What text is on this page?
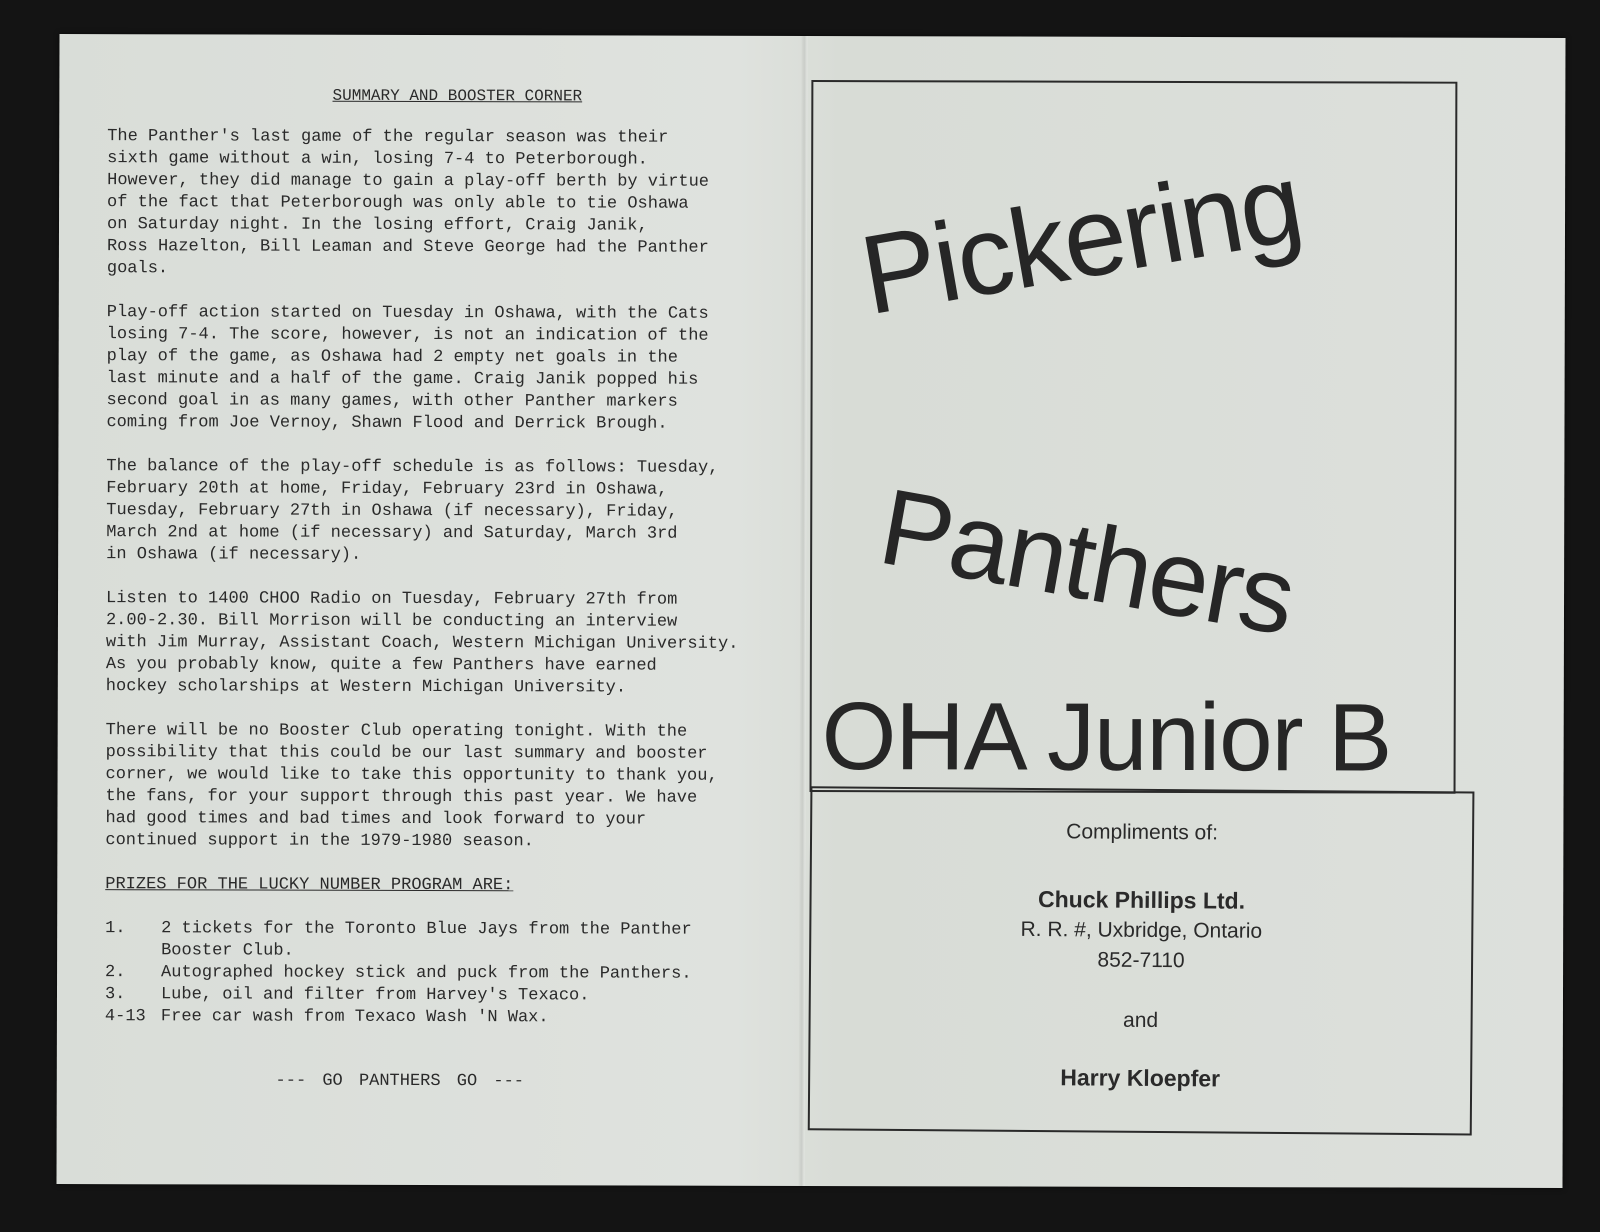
SUMMARY AND BOOSTER CORNER
The Panther's last game of the regular season was their
sixth game without a win, losing 7-4 to Peterborough.
However, they did manage to gain a play-off berth by virtue
of the fact that Peterborough was only able to tie Oshawa
on Saturday night. In the losing effort, Craig Janik,
Ross Hazelton, Bill Leaman and Steve George had the Panther
goals.
Play-off action started on Tuesday in Oshawa, with the Cats
losing 7-4. The score, however, is not an indication of the
play of the game, as Oshawa had 2 empty net goals in the
last minute and a half of the game. Craig Janik popped his
second goal in as many games, with other Panther markers
coming from Joe Vernoy, Shawn Flood and Derrick Brough.
The balance of the play-off schedule is as follows: Tuesday,
February 20th at home, Friday, February 23rd in Oshawa,
Tuesday, February 27th in Oshawa (if necessary), Friday,
March 2nd at home (if necessary) and Saturday, March 3rd
in Oshawa (if necessary).
Listen to 1400 CHOO Radio on Tuesday, February 27th from
2.00-2.30. Bill Morrison will be conducting an interview
with Jim Murray, Assistant Coach, Western Michigan University.
As you probably know, quite a few Panthers have earned
hockey scholarships at Western Michigan University.
There will be no Booster Club operating tonight. With the
possibility that this could be our last summary and booster
corner, we would like to take this opportunity to thank you,
the fans, for your support through this past year. We have
had good times and bad times and look forward to your
continued support in the 1979-1980 season.
PRIZES FOR THE LUCKY NUMBER PROGRAM ARE:
1.	2 tickets for the Toronto Blue Jays from the Panther
Booster Club.
2.	Autographed hockey stick and puck from the Panthers.
3.	Lube, oil and filter from Harvey's Texaco.
4-13 Free car wash from Texaco Wash 'N Wax.
--- GO PANTHERS GO ---
Pickering
Panthers
OHA Junior B
Compliments of:
Chuck Phillips Ltd.
R. R. #, Uxbridge, Ontario
852-7110
and
Harry Kloepfer
